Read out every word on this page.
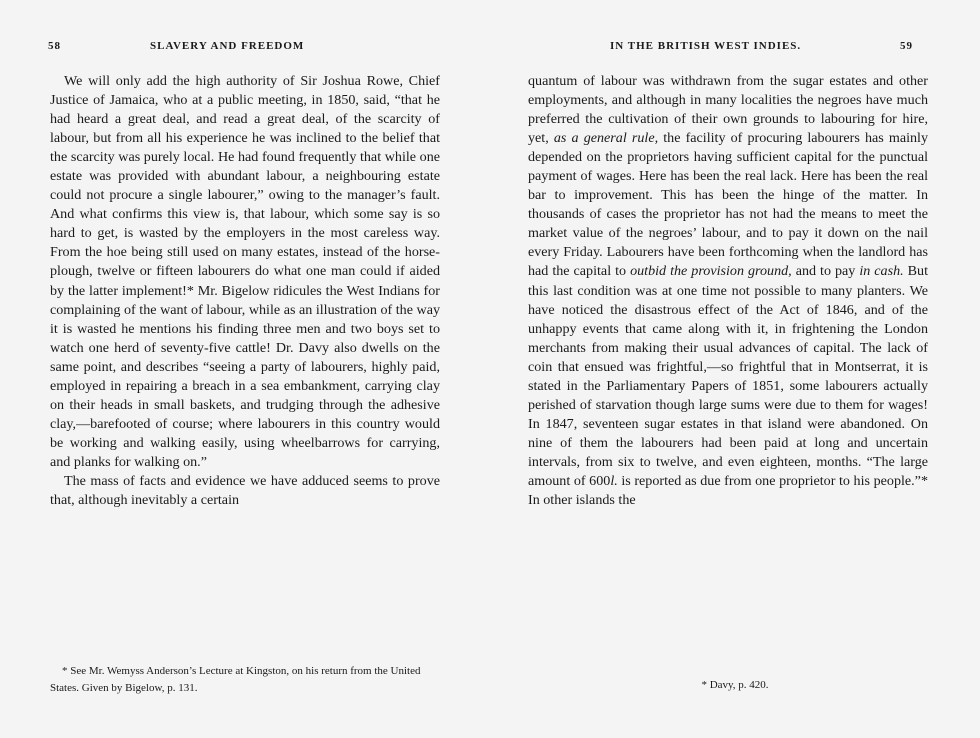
58	SLAVERY AND FREEDOM

We will only add the high authority of Sir Joshua Rowe, Chief Justice of Jamaica, who at a public meeting, in 1850, said, “that he had heard a great deal, and read a great deal, of the scarcity of labour, but from all his experience he was inclined to the belief that the scarcity was purely local. He had found frequently that while one estate was provided with abundant labour, a neighbouring estate could not procure a single labourer,” owing to the manager’s fault. And what confirms this view is, that labour, which some say is so hard to get, is wasted by the employers in the most careless way. From the hoe being still used on many estates, instead of the horse-plough, twelve or fifteen labourers do what one man could if aided by the latter implement!* Mr. Bigelow ridicules the West Indians for complaining of the want of labour, while as an illustration of the way it is wasted he mentions his finding three men and two boys set to watch one herd of seventy-five cattle! Dr. Davy also dwells on the same point, and describes “seeing a party of labourers, highly paid, employed in repairing a breach in a sea embankment, carrying clay on their heads in small baskets, and trudging through the adhesive clay,—barefooted of course; where labourers in this country would be working and walking easily, using wheelbarrows for carrying, and planks for walking on.”

The mass of facts and evidence we have adduced seems to prove that, although inevitably a certain

* See Mr. Wemyss Anderson’s Lecture at Kingston, on his return from the United States. Given by Bigelow, p. 131.

IN THE BRITISH WEST INDIES.	59

quantum of labour was withdrawn from the sugar estates and other employments, and although in many localities the negroes have much preferred the cultivation of their own grounds to labouring for hire, yet, as a general rule, the facility of procuring labourers has mainly depended on the proprietors having sufficient capital for the punctual payment of wages. Here has been the real lack. Here has been the real bar to improvement. This has been the hinge of the matter. In thousands of cases the proprietor has not had the means to meet the market value of the negroes’ labour, and to pay it down on the nail every Friday. Labourers have been forthcoming when the landlord has had the capital to outbid the provision ground, and to pay in cash. But this last condition was at one time not possible to many planters. We have noticed the disastrous effect of the Act of 1846, and of the unhappy events that came along with it, in frightening the London merchants from making their usual advances of capital. The lack of coin that ensued was frightful,—so frightful that in Montserrat, it is stated in the Parliamentary Papers of 1851, some labourers actually perished of starvation though large sums were due to them for wages! In 1847, seventeen sugar estates in that island were abandoned. On nine of them the labourers had been paid at long and uncertain intervals, from six to twelve, and even eighteen, months. “The large amount of 600l. is reported as due from one proprietor to his people.”* In other islands the

* Davy, p. 420.
